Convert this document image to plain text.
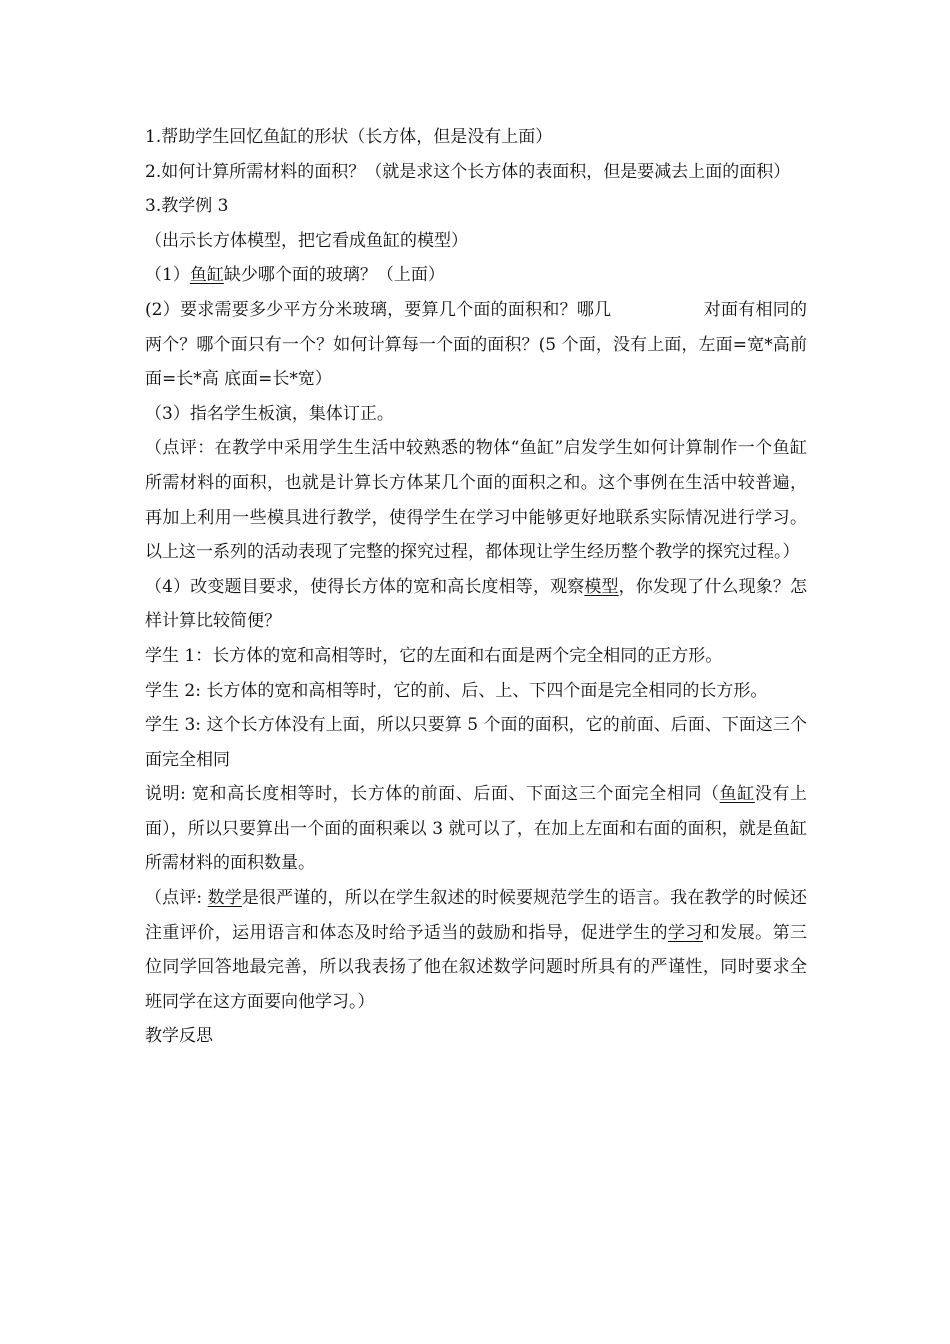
1.帮助学生回忆鱼缸的形状（长方体，但是没有上面）

2.如何计算所需材料的面积？（就是求这个长方体的表面积，但是要减去上面的面积）

3.教学例 3

（出示长方体模型，把它看成鱼缸的模型）

（1）鱼缸缺少哪个面的玻璃？（上面）

(2）要求需要多少平方分米玻璃，要算几个面的面积和？哪几	对面有相同的两个？哪个面只有一个？如何计算每一个面的面积？(5 个面，没有上面，左面=宽*高前面=长*高 底面=长*宽）

（3）指名学生板演，集体订正。

（点评：在教学中采用学生生活中较熟悉的物体“鱼缸”启发学生如何计算制作一个鱼缸所需材料的面积，也就是计算长方体某几个面的面积之和。这个事例在生活中较普遍，再加上利用一些模具进行教学，使得学生在学习中能够更好地联系实际情况进行学习。以上这一系列的活动表现了完整的探究过程，都体现让学生经历整个教学的探究过程。）

（4）改变题目要求，使得长方体的宽和高长度相等，观察模型，你发现了什么现象？怎样计算比较简便？

学生 1：长方体的宽和高相等时，它的左面和右面是两个完全相同的正方形。

学生 2: 长方体的宽和高相等时，它的前、后、上、下四个面是完全相同的长方形。

学生 3: 这个长方体没有上面，所以只要算 5 个面的面积，它的前面、后面、下面这三个面完全相同

说明: 宽和高长度相等时，长方体的前面、后面、下面这三个面完全相同（鱼缸没有上面），所以只要算出一个面的面积乘以 3 就可以了，在加上左面和右面的面积，就是鱼缸所需材料的面积数量。

（点评: 数学是很严谨的，所以在学生叙述的时候要规范学生的语言。我在教学的时候还注重评价，运用语言和体态及时给予适当的鼓励和指导，促进学生的学习和发展。第三位同学回答地最完善，所以我表扬了他在叙述数学问题时所具有的严谨性，同时要求全班同学在这方面要向他学习。）

教学反思
